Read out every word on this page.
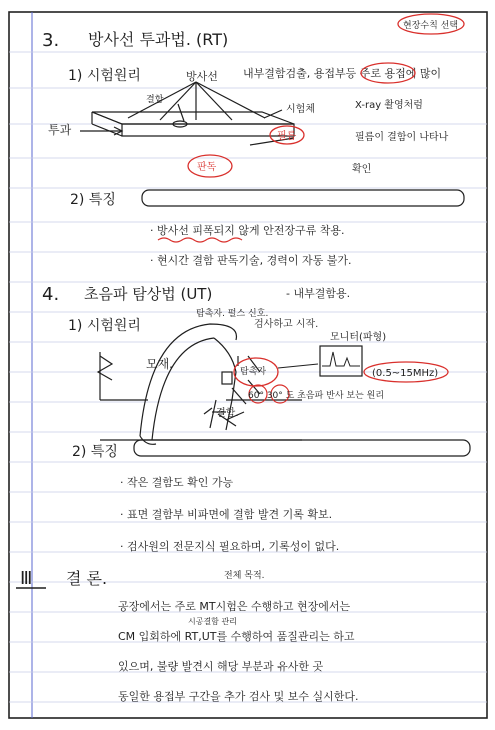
3. 방사선 투과법. (RT)
현장수칙 선택
1) 시험원리	내부결함검출, 용접부등 주로 용접에 많이
방사선
결함
시험체
투과	필름
판독
X-ray 촬영처럼
필름이 결함이 나타나
확인
2) 특징
· 방사선 피폭되지 않게 안전장구류 착용.
· 현시간 결함 판독기술, 경력이 자동 불가.
4. 초음파 탐상법 (UT)	- 내부결함용.
1) 시험원리
탐촉자. 펄스 신호.
검사하고 시작.
모니터(파형)
모재.
탐촉자	(0.5~15MHz)
60° 30° 도 초음파 반사 보는 원리
결함.
2) 특징
· 작은 결함도 확인 가능
· 표면 결함부 비파면에 결함 발견 기록 확보.
· 검사원의 전문지식 필요하며, 기록성이 없다.
Ⅲ 결 론.	전체 목적.
공장에서는 주로 MT시험은 수행하고 현장에서는
시공결함 관리
CM 입회하에 RT,UT를 수행하여 품질관리는 하고
있으며, 불량 발견시 해당 부분과 유사한 곳
동일한 용접부 구간을 추가 검사 및 보수 실시한다.
